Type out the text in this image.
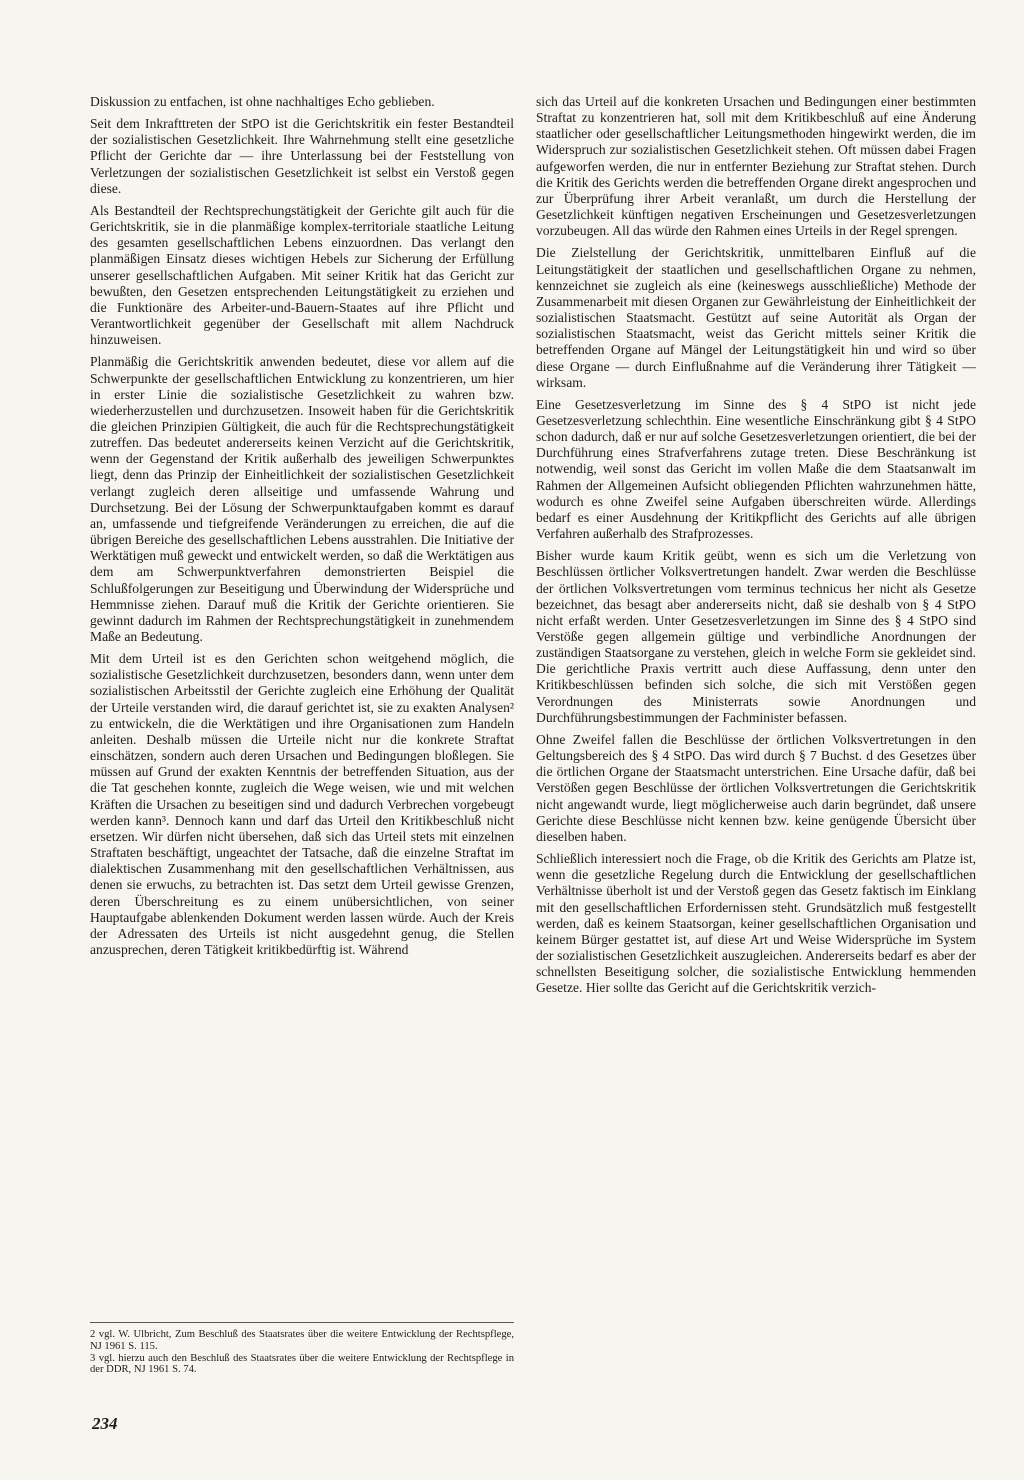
Diskussion zu entfachen, ist ohne nachhaltiges Echo geblieben.

Seit dem Inkrafttreten der StPO ist die Gerichtskritik ein fester Bestandteil der sozialistischen Gesetzlichkeit. Ihre Wahrnehmung stellt eine gesetzliche Pflicht der Gerichte dar — ihre Unterlassung bei der Feststellung von Verletzungen der sozialistischen Gesetzlichkeit ist selbst ein Verstoß gegen diese.

Als Bestandteil der Rechtsprechungstätigkeit der Gerichte gilt auch für die Gerichtskritik, sie in die planmäßige komplex-territoriale staatliche Leitung des gesamten gesellschaftlichen Lebens einzuordnen. Das verlangt den planmäßigen Einsatz dieses wichtigen Hebels zur Sicherung der Erfüllung unserer gesellschaftlichen Aufgaben. Mit seiner Kritik hat das Gericht zur bewußten, den Gesetzen entsprechenden Leitungstätigkeit zu erziehen und die Funktionäre des Arbeiter-und-Bauern-Staates auf ihre Pflicht und Verantwortlichkeit gegenüber der Gesellschaft mit allem Nachdruck hinzuweisen.

Planmäßig die Gerichtskritik anwenden bedeutet, diese vor allem auf die Schwerpunkte der gesellschaftlichen Entwicklung zu konzentrieren, um hier in erster Linie die sozialistische Gesetzlichkeit zu wahren bzw. wiederherzustellen und durchzusetzen. Insoweit haben für die Gerichtskritik die gleichen Prinzipien Gültigkeit, die auch für die Rechtsprechungstätigkeit zutreffen. Das bedeutet andererseits keinen Verzicht auf die Gerichtskritik, wenn der Gegenstand der Kritik außerhalb des jeweiligen Schwerpunktes liegt, denn das Prinzip der Einheitlichkeit der sozialistischen Gesetzlichkeit verlangt zugleich deren allseitige und umfassende Wahrung und Durchsetzung. Bei der Lösung der Schwerpunktaufgaben kommt es darauf an, umfassende und tiefgreifende Veränderungen zu erreichen, die auf die übrigen Bereiche des gesellschaftlichen Lebens ausstrahlen. Die Initiative der Werktätigen muß geweckt und entwickelt werden, so daß die Werktätigen aus dem am Schwerpunktverfahren demonstrierten Beispiel die Schlußfolgerungen zur Beseitigung und Überwindung der Widersprüche und Hemmnisse ziehen. Darauf muß die Kritik der Gerichte orientieren. Sie gewinnt dadurch im Rahmen der Rechtsprechungstätigkeit in zunehmendem Maße an Bedeutung.

Mit dem Urteil ist es den Gerichten schon weitgehend möglich, die sozialistische Gesetzlichkeit durchzusetzen, besonders dann, wenn unter dem sozialistischen Arbeitsstil der Gerichte zugleich eine Erhöhung der Qualität der Urteile verstanden wird, die darauf gerichtet ist, sie zu exakten Analysen² zu entwickeln, die die Werktätigen und ihre Organisationen zum Handeln anleiten. Deshalb müssen die Urteile nicht nur die konkrete Straftat einschätzen, sondern auch deren Ursachen und Bedingungen bloßlegen. Sie müssen auf Grund der exakten Kenntnis der betreffenden Situation, aus der die Tat geschehen konnte, zugleich die Wege weisen, wie und mit welchen Kräften die Ursachen zu beseitigen sind und dadurch Verbrechen vorgebeugt werden kann³. Dennoch kann und darf das Urteil den Kritikbeschluß nicht ersetzen. Wir dürfen nicht übersehen, daß sich das Urteil stets mit einzelnen Straftaten beschäftigt, ungeachtet der Tatsache, daß die einzelne Straftat im dialektischen Zusammenhang mit den gesellschaftlichen Verhältnissen, aus denen sie erwuchs, zu betrachten ist. Das setzt dem Urteil gewisse Grenzen, deren Überschreitung es zu einem unübersichtlichen, von seiner Hauptaufgabe ablenkenden Dokument werden lassen würde. Auch der Kreis der Adressaten des Urteils ist nicht ausgedehnt genug, die Stellen anzusprechen, deren Tätigkeit kritikbedürftig ist. Während

sich das Urteil auf die konkreten Ursachen und Bedingungen einer bestimmten Straftat zu konzentrieren hat, soll mit dem Kritikbeschluß auf eine Änderung staatlicher oder gesellschaftlicher Leitungsmethoden hingewirkt werden, die im Widerspruch zur sozialistischen Gesetzlichkeit stehen. Oft müssen dabei Fragen aufgeworfen werden, die nur in entfernter Beziehung zur Straftat stehen. Durch die Kritik des Gerichts werden die betreffenden Organe direkt angesprochen und zur Überprüfung ihrer Arbeit veranlaßt, um durch die Herstellung der Gesetzlichkeit künftigen negativen Erscheinungen und Gesetzesverletzungen vorzubeugen. All das würde den Rahmen eines Urteils in der Regel sprengen.

Die Zielstellung der Gerichtskritik, unmittelbaren Einfluß auf die Leitungstätigkeit der staatlichen und gesellschaftlichen Organe zu nehmen, kennzeichnet sie zugleich als eine (keineswegs ausschließliche) Methode der Zusammenarbeit mit diesen Organen zur Gewährleistung der Einheitlichkeit der sozialistischen Staatsmacht. Gestützt auf seine Autorität als Organ der sozialistischen Staatsmacht, weist das Gericht mittels seiner Kritik die betreffenden Organe auf Mängel der Leitungstätigkeit hin und wird so über diese Organe — durch Einflußnahme auf die Veränderung ihrer Tätigkeit — wirksam.

Eine Gesetzesverletzung im Sinne des § 4 StPO ist nicht jede Gesetzesverletzung schlechthin. Eine wesentliche Einschränkung gibt § 4 StPO schon dadurch, daß er nur auf solche Gesetzesverletzungen orientiert, die bei der Durchführung eines Strafverfahrens zutage treten. Diese Beschränkung ist notwendig, weil sonst das Gericht im vollen Maße die dem Staatsanwalt im Rahmen der Allgemeinen Aufsicht obliegenden Pflichten wahrzunehmen hätte, wodurch es ohne Zweifel seine Aufgaben überschreiten würde. Allerdings bedarf es einer Ausdehnung der Kritikpflicht des Gerichts auf alle übrigen Verfahren außerhalb des Strafprozesses.

Bisher wurde kaum Kritik geübt, wenn es sich um die Verletzung von Beschlüssen örtlicher Volksvertretungen handelt. Zwar werden die Beschlüsse der örtlichen Volksvertretungen vom terminus technicus her nicht als Gesetze bezeichnet, das besagt aber andererseits nicht, daß sie deshalb von § 4 StPO nicht erfaßt werden. Unter Gesetzesverletzungen im Sinne des § 4 StPO sind Verstöße gegen allgemein gültige und verbindliche Anordnungen der zuständigen Staatsorgane zu verstehen, gleich in welche Form sie gekleidet sind. Die gerichtliche Praxis vertritt auch diese Auffassung, denn unter den Kritikbeschlüssen befinden sich solche, die sich mit Verstößen gegen Verordnungen des Ministerrats sowie Anordnungen und Durchführungsbestimmungen der Fachminister befassen.

Ohne Zweifel fallen die Beschlüsse der örtlichen Volksvertretungen in den Geltungsbereich des § 4 StPO. Das wird durch § 7 Buchst. d des Gesetzes über die örtlichen Organe der Staatsmacht unterstrichen. Eine Ursache dafür, daß bei Verstößen gegen Beschlüsse der örtlichen Volksvertretungen die Gerichtskritik nicht angewandt wurde, liegt möglicherweise auch darin begründet, daß unsere Gerichte diese Beschlüsse nicht kennen bzw. keine genügende Übersicht über dieselben haben.

Schließlich interessiert noch die Frage, ob die Kritik des Gerichts am Platze ist, wenn die gesetzliche Regelung durch die Entwicklung der gesellschaftlichen Verhältnisse überholt ist und der Verstoß gegen das Gesetz faktisch im Einklang mit den gesellschaftlichen Erfordernissen steht. Grundsätzlich muß festgestellt werden, daß es keinem Staatsorgan, keiner gesellschaftlichen Organisation und keinem Bürger gestattet ist, auf diese Art und Weise Widersprüche im System der sozialistischen Gesetzlichkeit auszugleichen. Andererseits bedarf es aber der schnellsten Beseitigung solcher, die sozialistische Entwicklung hemmenden Gesetze. Hier sollte das Gericht auf die Gerichtskritik verzich-

2 vgl. W. Ulbricht, Zum Beschluß des Staatsrates über die weitere Entwicklung der Rechtspflege, NJ 1961 S. 115.

3 vgl. hierzu auch den Beschluß des Staatsrates über die weitere Entwicklung der Rechtspflege in der DDR, NJ 1961 S. 74.

234
